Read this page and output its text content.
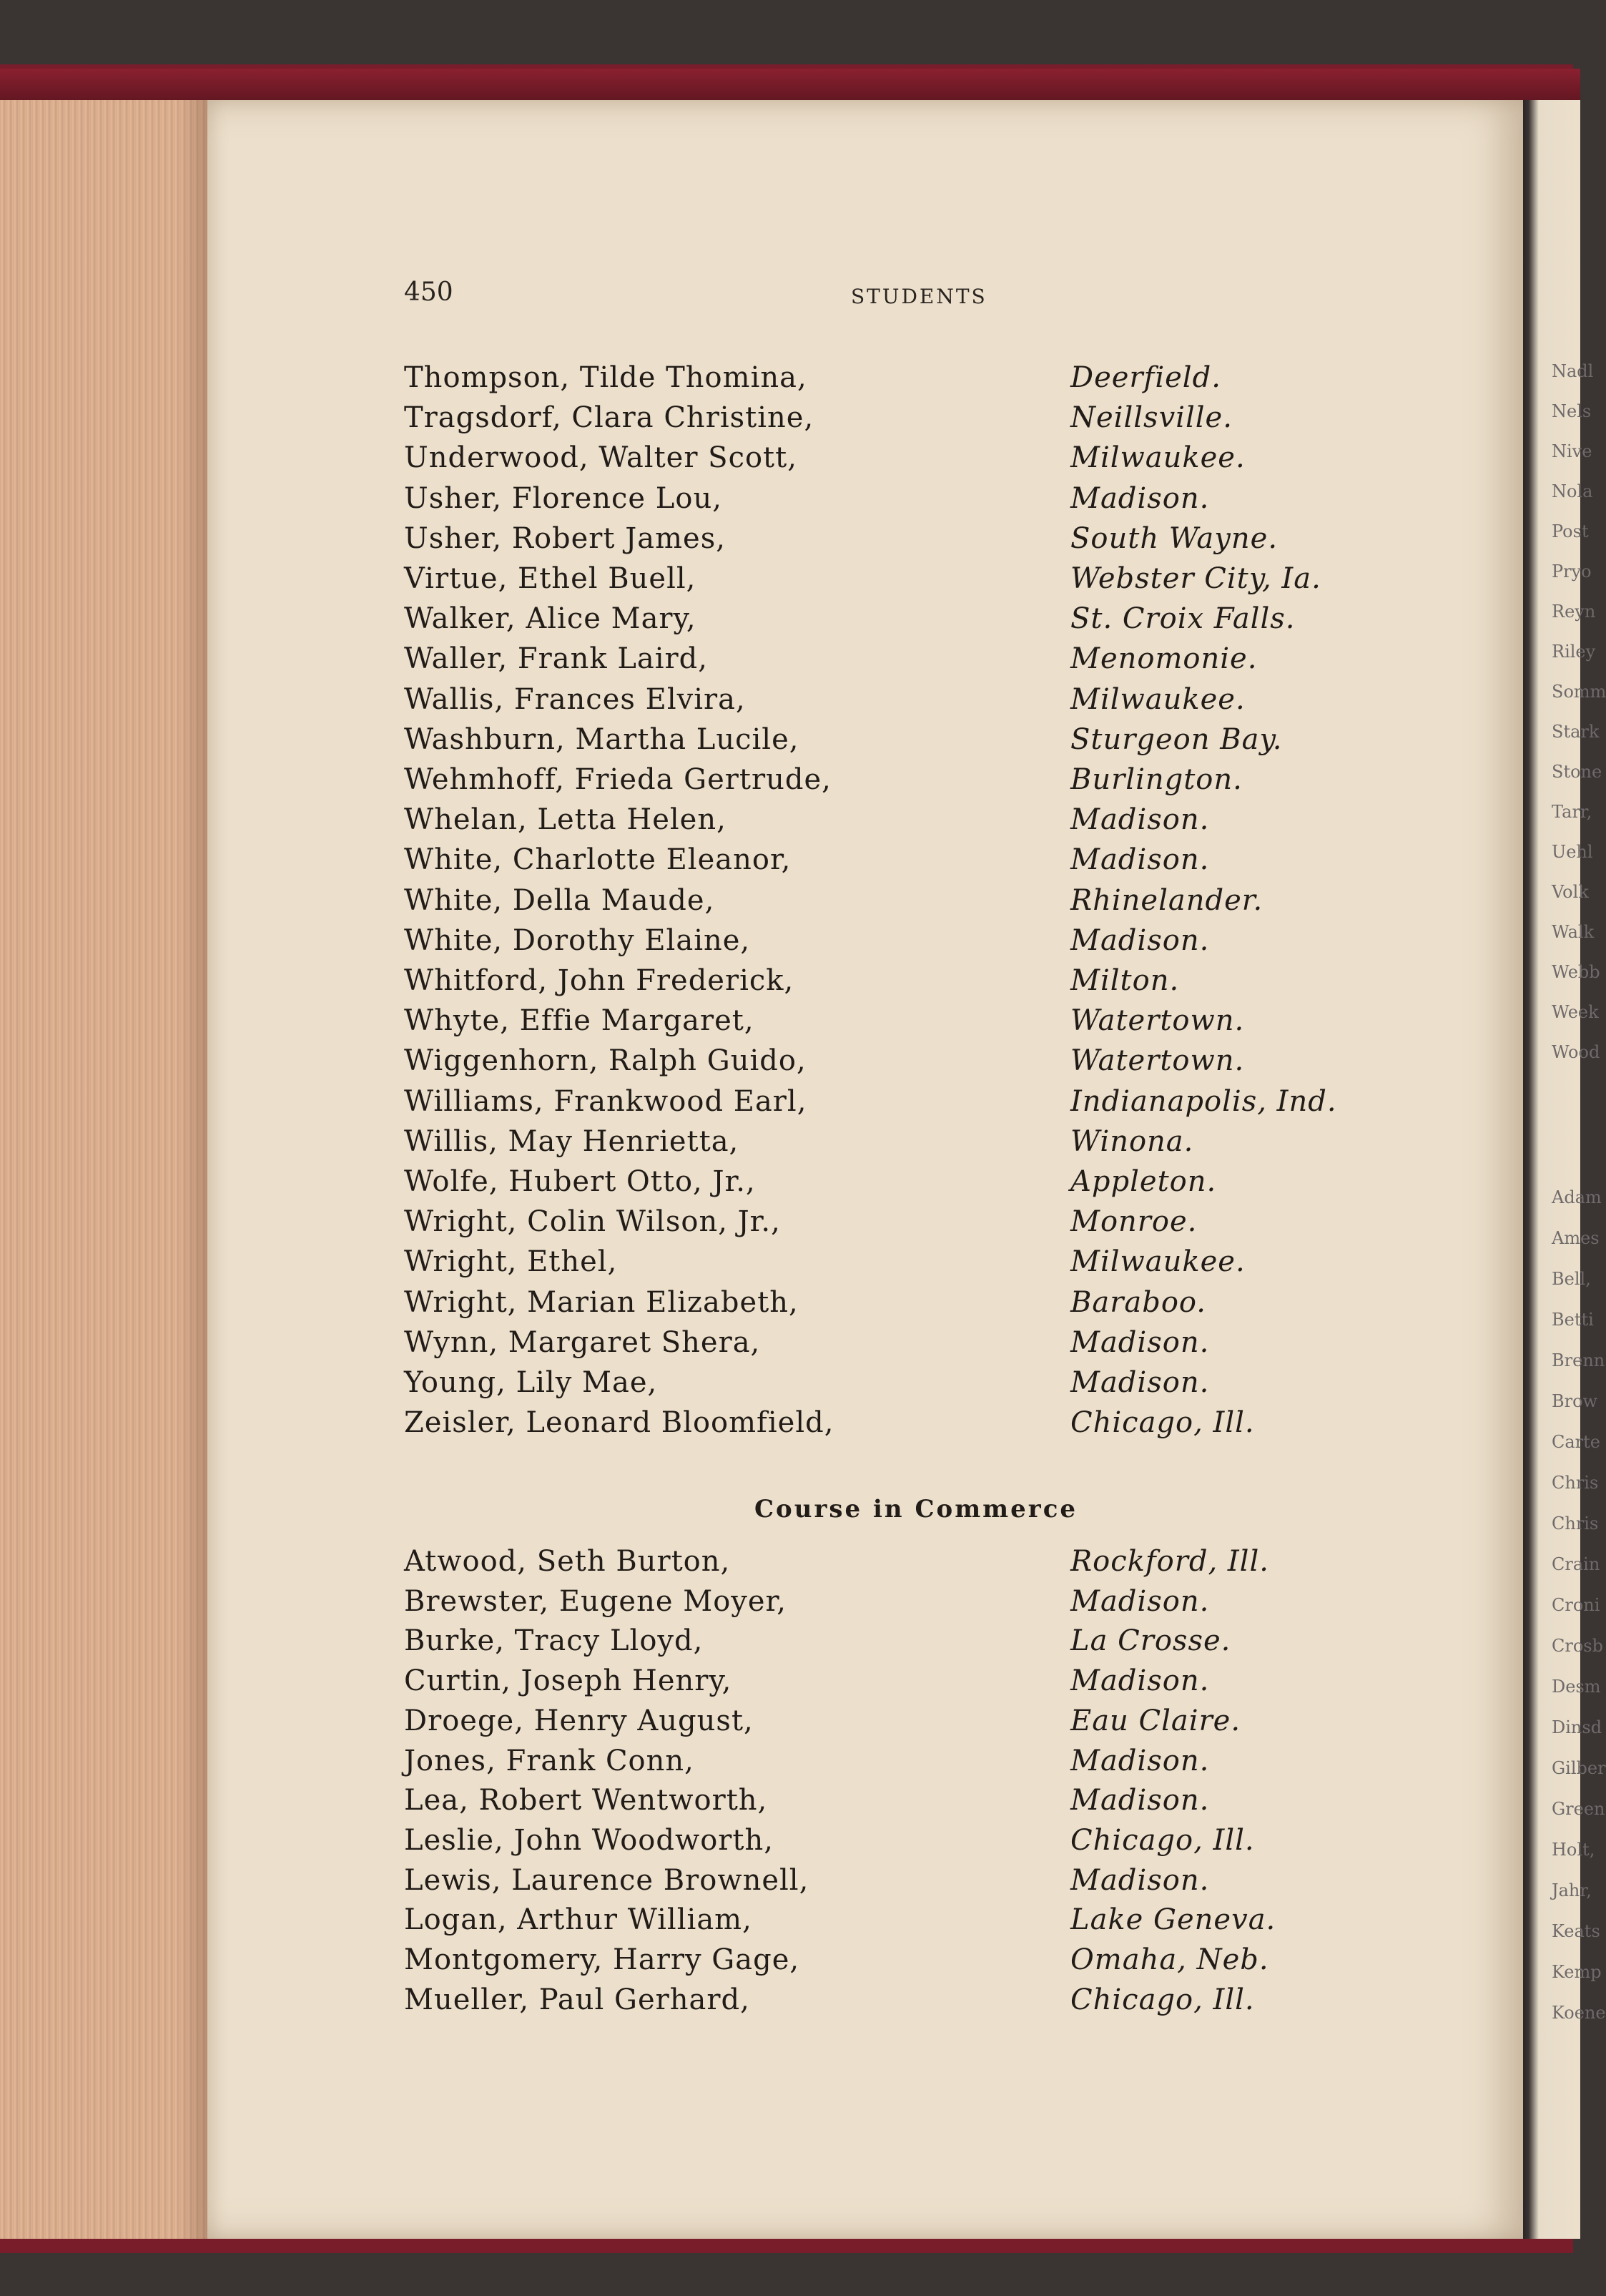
Nadl
Nels
Nive
Nola
Post
Pryo
Reyn
Riley
Somm
Stark
Stone
Tarr,
Uehl
Volk
Walk
Webb
Week
Wood
Adam
Ames
Bell,
Betti
Brenn
Brow
Carte
Chris
Chris
Crain
Croni
Crosb
Desm
Dinsd
Gilber
Green
Holt,
Jahr,
Keats
Kemp
Koene
450	STUDENTS
Thompson, Tilde Thomina,	Deerfield.
Tragsdorf, Clara Christine,	Neillsville.
Underwood, Walter Scott,	Milwaukee.
Usher, Florence Lou,	Madison.
Usher, Robert James,	South Wayne.
Virtue, Ethel Buell,	Webster City, Ia.
Walker, Alice Mary,	St. Croix Falls.
Waller, Frank Laird,	Menomonie.
Wallis, Frances Elvira,	Milwaukee.
Washburn, Martha Lucile,	Sturgeon Bay.
Wehmhoff, Frieda Gertrude,	Burlington.
Whelan, Letta Helen,	Madison.
White, Charlotte Eleanor,	Madison.
White, Della Maude,	Rhinelander.
White, Dorothy Elaine,	Madison.
Whitford, John Frederick,	Milton.
Whyte, Effie Margaret,	Watertown.
Wiggenhorn, Ralph Guido,	Watertown.
Williams, Frankwood Earl,	Indianapolis, Ind.
Willis, May Henrietta,	Winona.
Wolfe, Hubert Otto, Jr.,	Appleton.
Wright, Colin Wilson, Jr.,	Monroe.
Wright, Ethel,	Milwaukee.
Wright, Marian Elizabeth,	Baraboo.
Wynn, Margaret Shera,	Madison.
Young, Lily Mae,	Madison.
Zeisler, Leonard Bloomfield,	Chicago, Ill.
Course in Commerce
Atwood, Seth Burton,	Rockford, Ill.
Brewster, Eugene Moyer,	Madison.
Burke, Tracy Lloyd,	La Crosse.
Curtin, Joseph Henry,	Madison.
Droege, Henry August,	Eau Claire.
Jones, Frank Conn,	Madison.
Lea, Robert Wentworth,	Madison.
Leslie, John Woodworth,	Chicago, Ill.
Lewis, Laurence Brownell,	Madison.
Logan, Arthur William,	Lake Geneva.
Montgomery, Harry Gage,	Omaha, Neb.
Mueller, Paul Gerhard,	Chicago, Ill.
